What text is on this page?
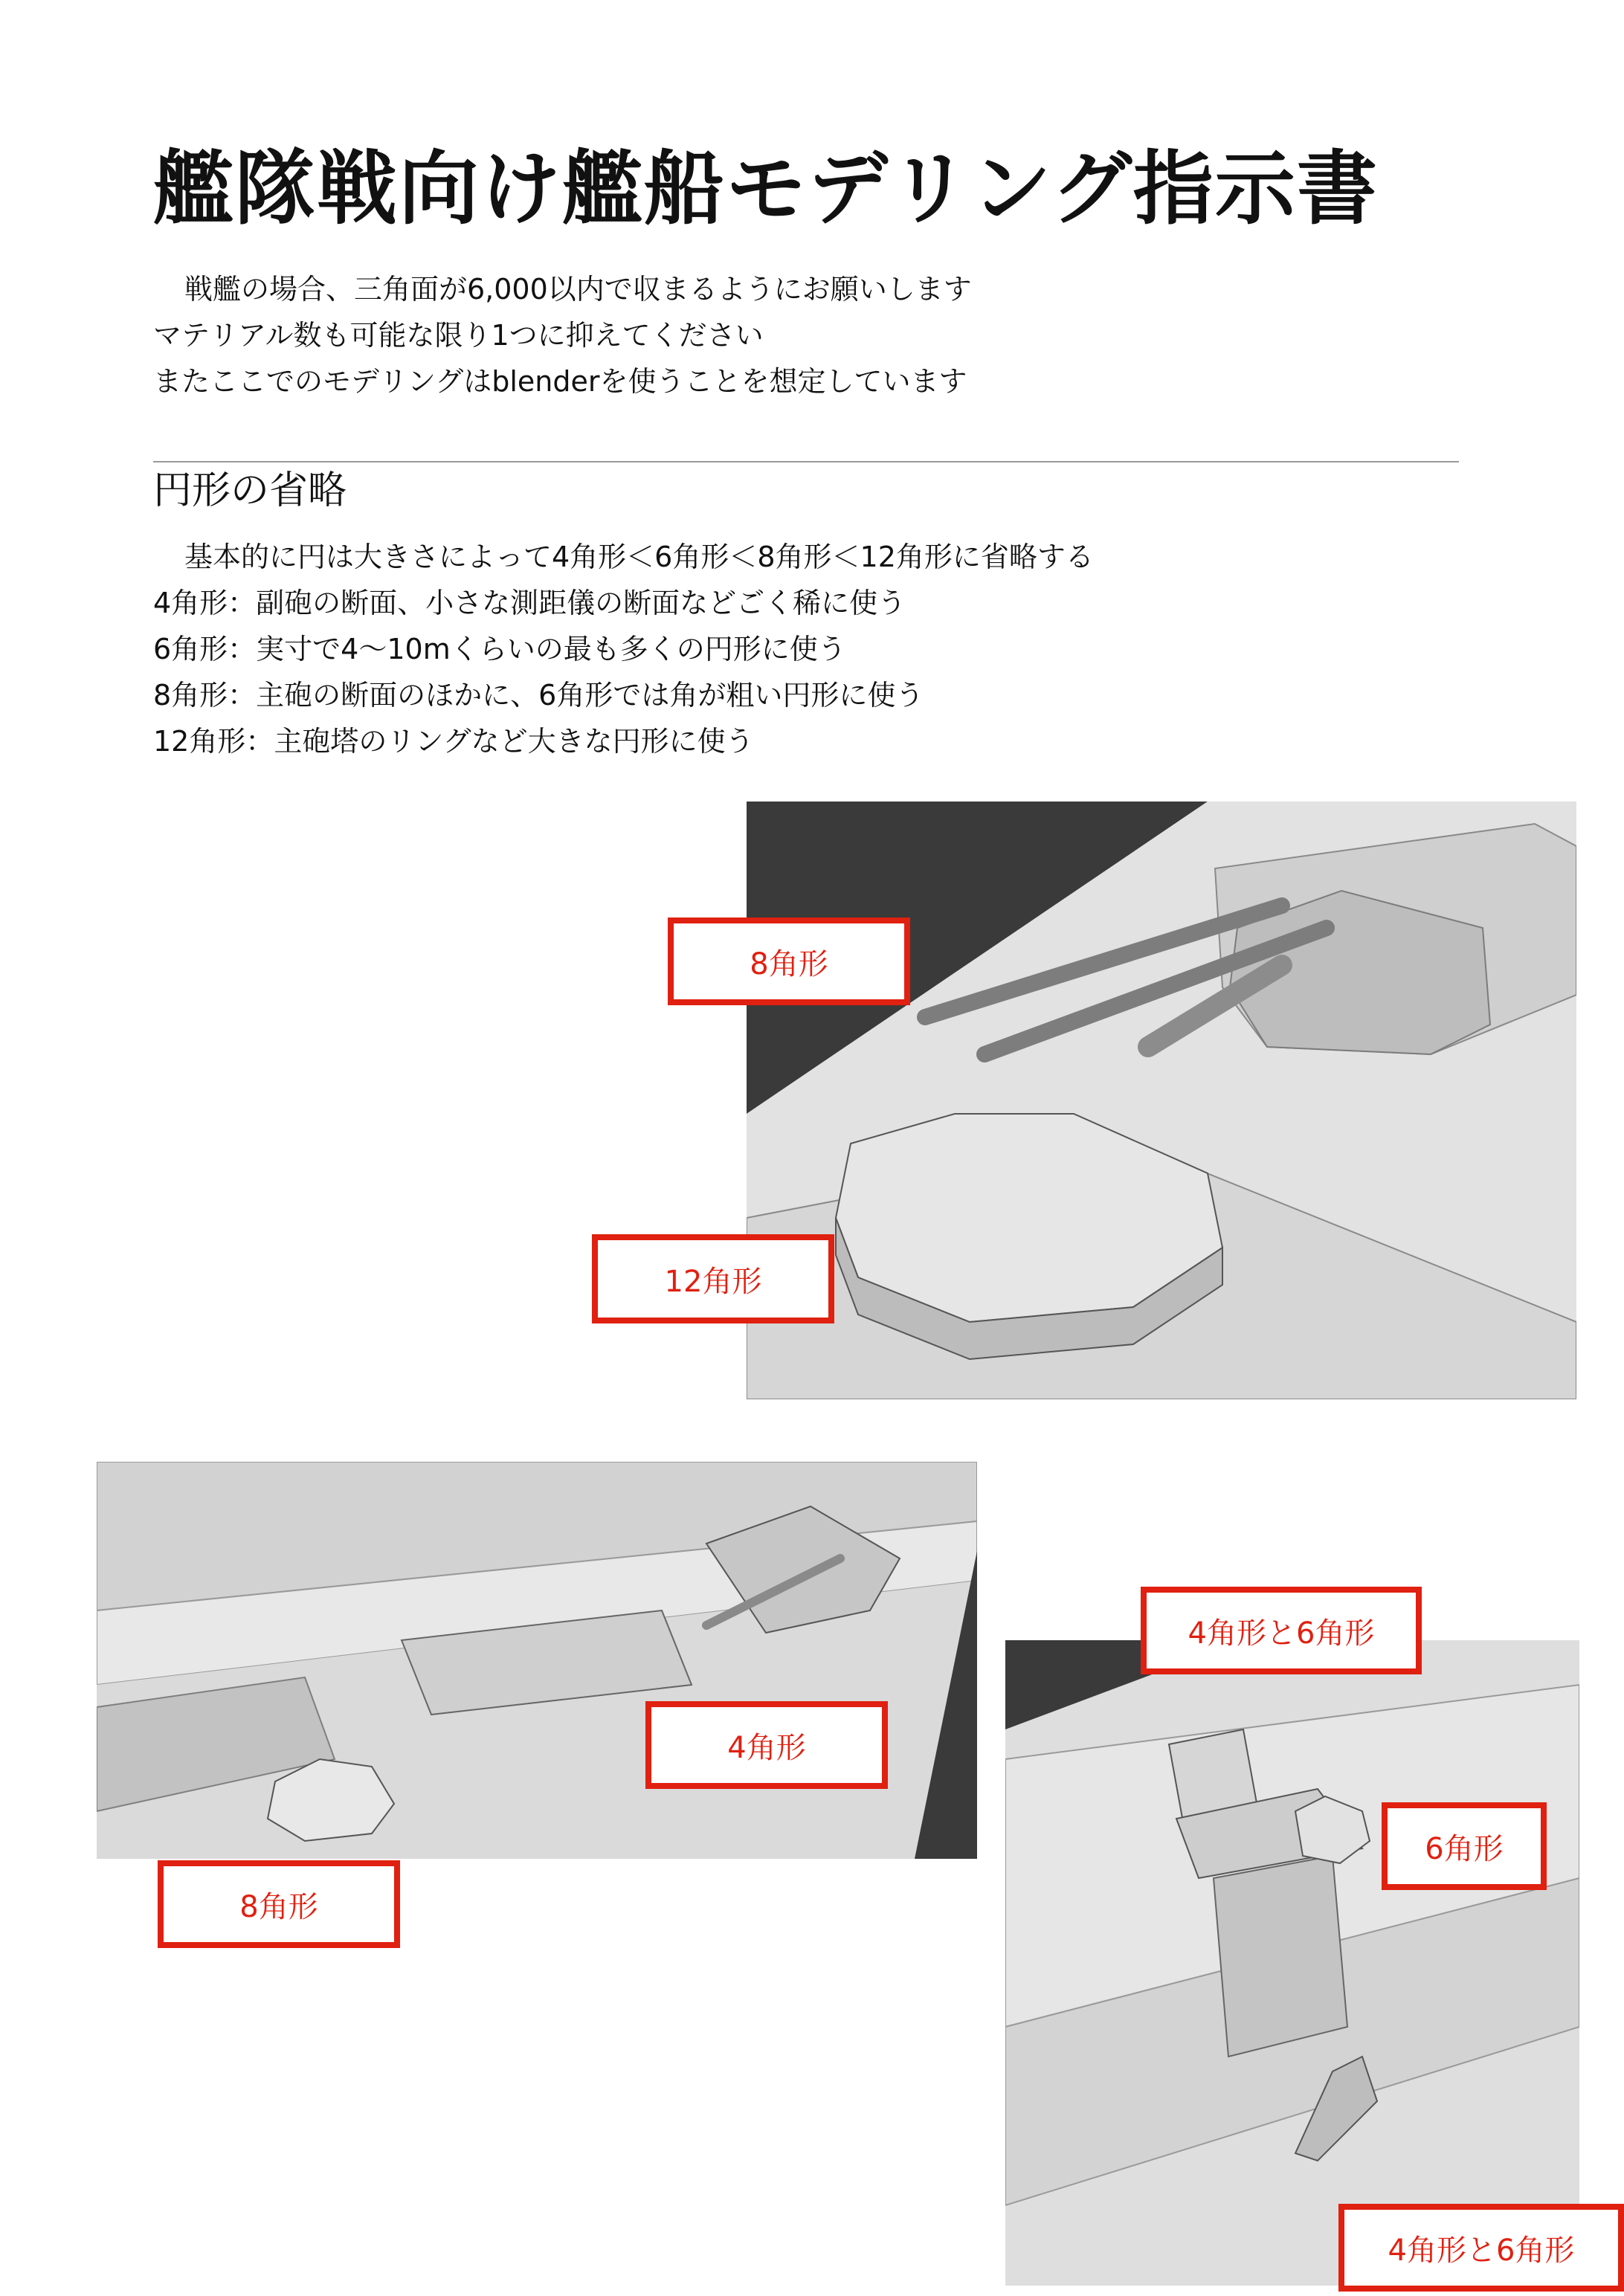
艦隊戦向け艦船モデリング指示書
戦艦の場合、三角面が6,000以内で収まるようにお願いします
マテリアル数も可能な限り1つに抑えてください
またここでのモデリングはblenderを使うことを想定しています
円形の省略
基本的に円は大きさによって4角形＜6角形＜8角形＜12角形に省略する
4角形：副砲の断面、小さな測距儀の断面などごく稀に使う
6角形：実寸で4〜10mくらいの最も多くの円形に使う
8角形：主砲の断面のほかに、6角形では角が粗い円形に使う
12角形：主砲塔のリングなど大きな円形に使う
8角形
12角形
4角形
8角形
4角形と6角形
6角形
4角形と6角形
